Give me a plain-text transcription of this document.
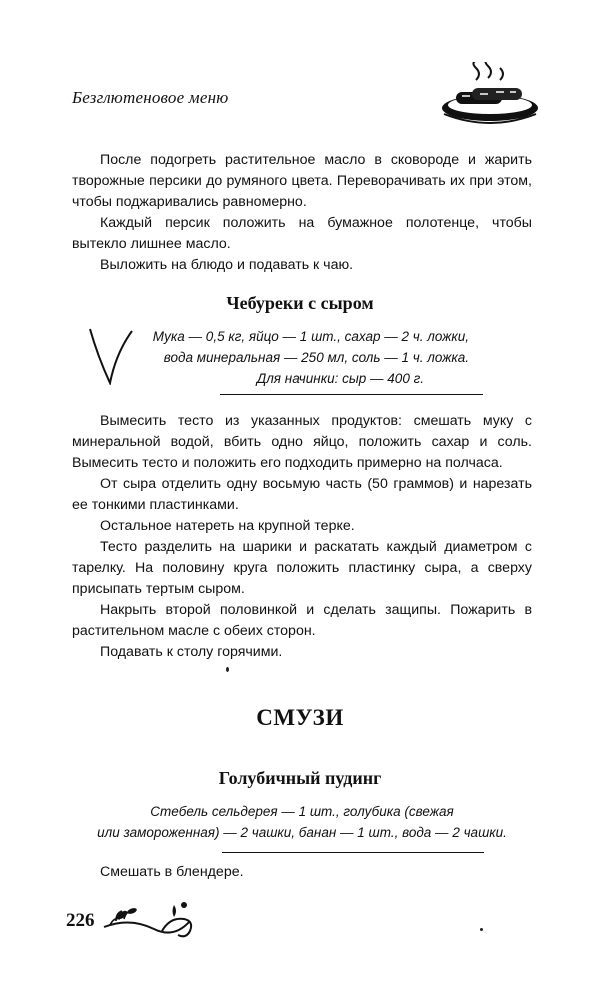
Безглютеновое меню

После подогреть растительное масло в сковороде и жарить творожные персики до румяного цвета. Переворачивать их при этом, чтобы поджаривались равномерно.

Каждый персик положить на бумажное полотенце, чтобы вытекло лишнее масло.

Выложить на блюдо и подавать к чаю.

Чебуреки с сыром

Мука — 0,5 кг, яйцо — 1 шт., сахар — 2 ч. ложки,

вода минеральная — 250 мл, соль — 1 ч. ложка.

Для начинки: сыр — 400 г.

Вымесить тесто из указанных продуктов: смешать муку с минеральной водой, вбить одно яйцо, положить сахар и соль. Вымесить тесто и положить его подходить примерно на полчаса.

От сыра отделить одну восьмую часть (50 граммов) и нарезать ее тонкими пластинками.

Остальное натереть на крупной терке.

Тесто разделить на шарики и раскатать каждый диаметром с тарелку. На половину круга положить пластинку сыра, а сверху присыпать тертым сыром.

Накрыть второй половинкой и сделать защипы. Пожарить в растительном масле с обеих сторон.

Подавать к столу горячими.

СМУЗИ
Голубичный пудинг

Стебель сельдерея — 1 шт., голубика (свежая

или замороженная) — 2 чашки, банан — 1 шт., вода — 2 чашки.

Смешать в блендере.

226
